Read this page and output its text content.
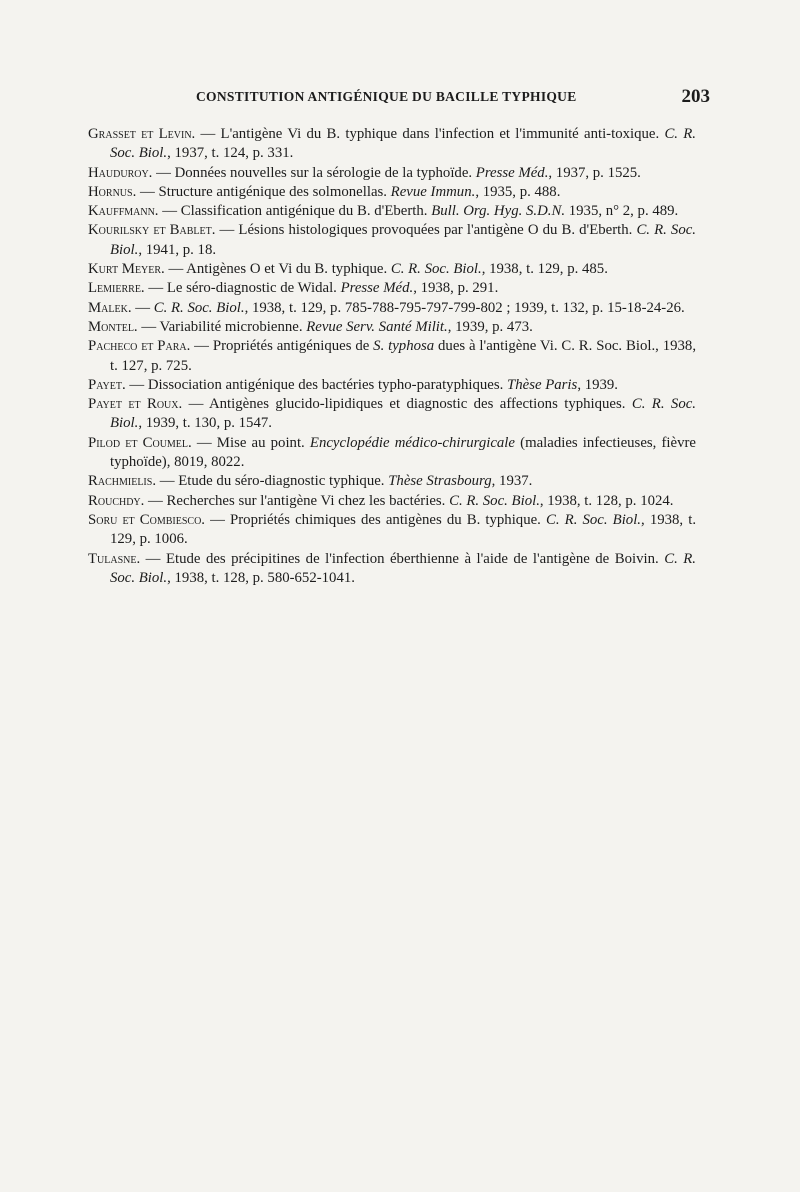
CONSTITUTION ANTIGÉNIQUE DU BACILLE TYPHIQUE	203

Grasset et Levin. — L'antigène Vi du B. typhique dans l'infection et l'immunité anti-toxique. C. R. Soc. Biol., 1937, t. 124, p. 331.

Hauduroy. — Données nouvelles sur la sérologie de la typhoïde. Presse Méd., 1937, p. 1525.

Hornus. — Structure antigénique des solmonellas. Revue Immun., 1935, p. 488.

Kauffmann. — Classification antigénique du B. d'Eberth. Bull. Org. Hyg. S.D.N. 1935, n° 2, p. 489.

Kourilsky et Bablet. — Lésions histologiques provoquées par l'antigène O du B. d'Eberth. C. R. Soc. Biol., 1941, p. 18.

Kurt Meyer. — Antigènes O et Vi du B. typhique. C. R. Soc. Biol., 1938, t. 129, p. 485.

Lemierre. — Le séro-diagnostic de Widal. Presse Méd., 1938, p. 291.

Malek. — C. R. Soc. Biol., 1938, t. 129, p. 785-788-795-797-799-802 ; 1939, t. 132, p. 15-18-24-26.

Montel. — Variabilité microbienne. Revue Serv. Santé Milit., 1939, p. 473.

Pacheco et Para. — Propriétés antigéniques de S. typhosa dues à l'antigène Vi. C. R. Soc. Biol., 1938, t. 127, p. 725.

Payet. — Dissociation antigénique des bactéries typho-paratyphiques. Thèse Paris, 1939.

Payet et Roux. — Antigènes glucido-lipidiques et diagnostic des affections typhiques. C. R. Soc. Biol., 1939, t. 130, p. 1547.

Pilod et Coumel. — Mise au point. Encyclopédie médico-chirurgicale (maladies infectieuses, fièvre typhoïde), 8019, 8022.

Rachmielis. — Etude du séro-diagnostic typhique. Thèse Strasbourg, 1937.

Rouchdy. — Recherches sur l'antigène Vi chez les bactéries. C. R. Soc. Biol., 1938, t. 128, p. 1024.

Soru et Combiesco. — Propriétés chimiques des antigènes du B. typhique. C. R. Soc. Biol., 1938, t. 129, p. 1006.

Tulasne. — Etude des précipitines de l'infection éberthienne à l'aide de l'antigène de Boivin. C. R. Soc. Biol., 1938, t. 128, p. 580-652-1041.
